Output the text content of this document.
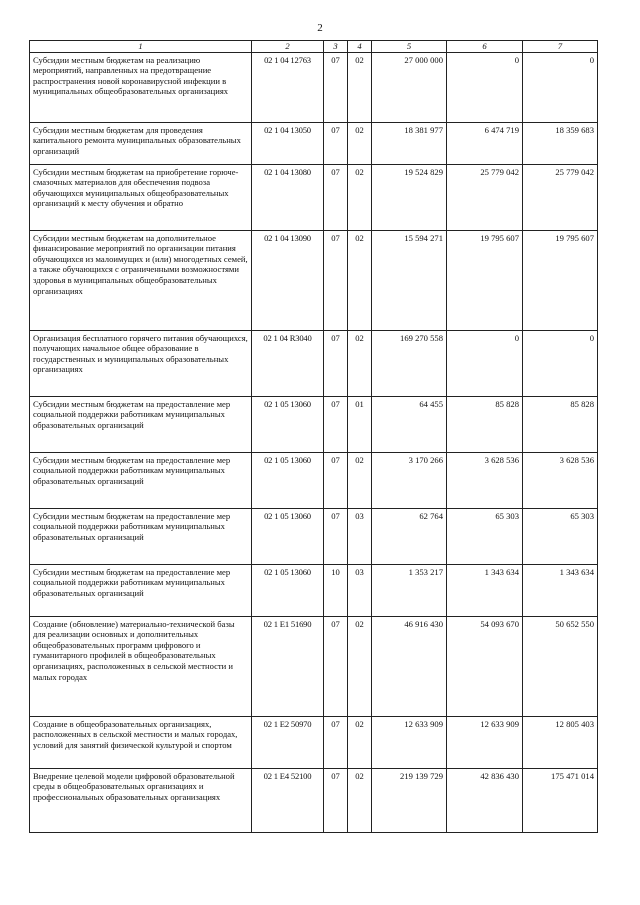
2
1	2	3	4	5	6	7
Субсидии местным бюджетам на реализацию мероприятий, направленных на предотвращение распространения новой коронавирусной инфекции в муниципальных общеобразовательных организациях	02 1 04 12763	07	02	27 000 000	0	0
Субсидии местным бюджетам для проведения капитального ремонта муниципальных образовательных организаций	02 1 04 13050	07	02	18 381 977	6 474 719	18 359 683
Субсидии местным бюджетам на приобретение горюче-смазочных материалов для обеспечения подвоза обучающихся муниципальных общеобразовательных организаций к месту обучения и обратно	02 1 04 13080	07	02	19 524 829	25 779 042	25 779 042
Субсидии местным бюджетам на дополнительное финансирование мероприятий по организации питания обучающихся из малоимущих и (или) многодетных семей, а также обучающихся с ограниченными возможностями здоровья в муниципальных общеобразовательных организациях	02 1 04 13090	07	02	15 594 271	19 795 607	19 795 607
Организация бесплатного горячего питания обучающихся, получающих начальное общее образование в государственных и муниципальных образовательных организациях	02 1 04 R3040	07	02	169 270 558	0	0
Субсидии местным бюджетам на предоставление мер социальной поддержки работникам муниципальных образовательных организаций	02 1 05 13060	07	01	64 455	85 828	85 828
Субсидии местным бюджетам на предоставление мер социальной поддержки работникам муниципальных образовательных организаций	02 1 05 13060	07	02	3 170 266	3 628 536	3 628 536
Субсидии местным бюджетам на предоставление мер социальной поддержки работникам муниципальных образовательных организаций	02 1 05 13060	07	03	62 764	65 303	65 303
Субсидии местным бюджетам на предоставление мер социальной поддержки работникам муниципальных образовательных организаций	02 1 05 13060	10	03	1 353 217	1 343 634	1 343 634
Создание (обновление) материально-технической базы для реализации основных и дополнительных общеобразовательных программ цифрового и гуманитарного профилей в общеобразовательных организациях, расположенных в сельской местности и малых городах	02 1 E1 51690	07	02	46 916 430	54 093 670	50 652 550
Создание в общеобразовательных организациях, расположенных в сельской местности и малых городах, условий для занятий физической культурой и спортом	02 1 E2 50970	07	02	12 633 909	12 633 909	12 805 403
Внедрение целевой модели цифровой образовательной среды в общеобразовательных организациях и профессиональных образовательных организациях	02 1 E4 52100	07	02	219 139 729	42 836 430	175 471 014
